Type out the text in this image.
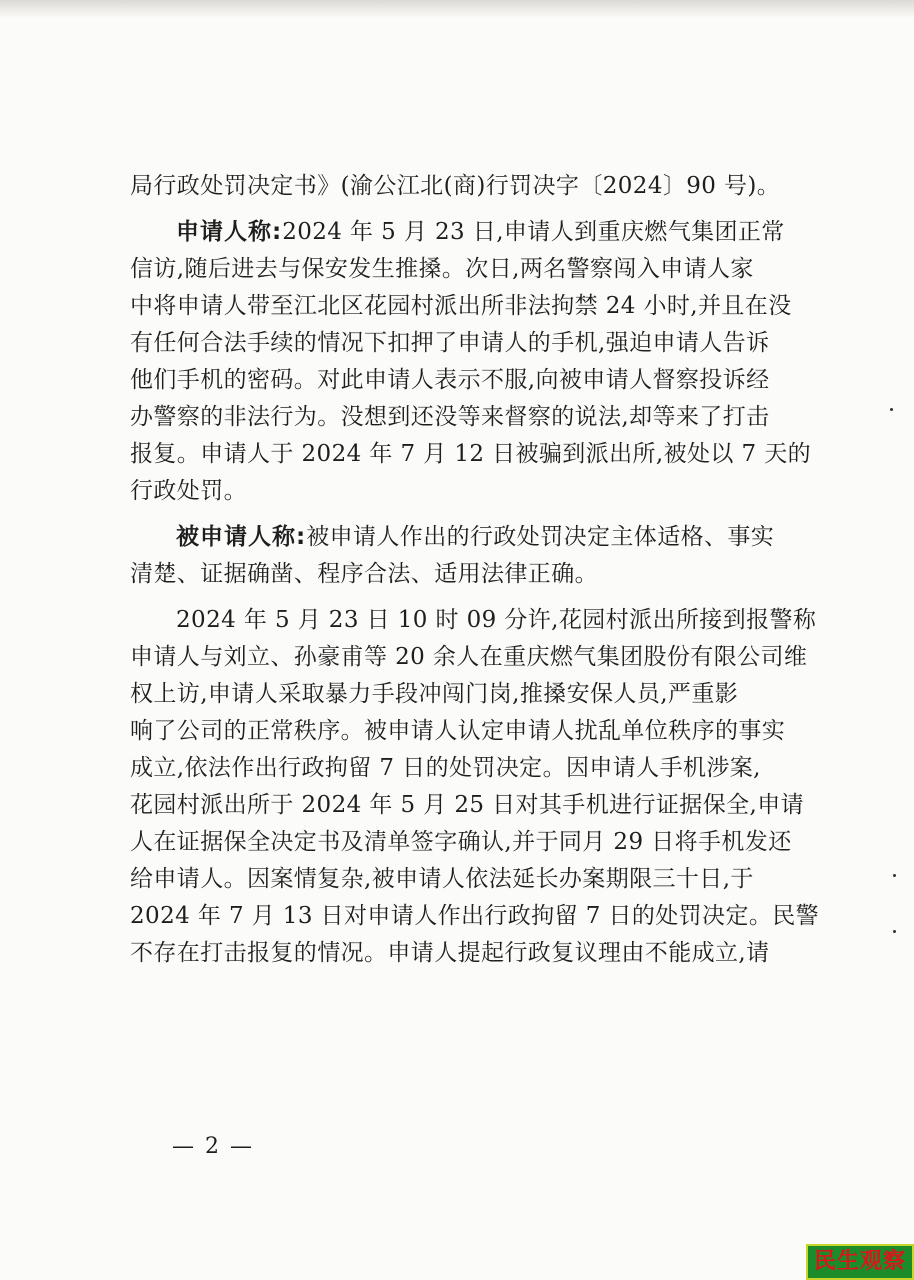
局行政处罚决定书》(渝公江北(商)行罚决字〔2024〕90 号)。
申请人称:2024 年 5 月 23 日,申请人到重庆燃气集团正常
信访,随后进去与保安发生推搡。次日,两名警察闯入申请人家
中将申请人带至江北区花园村派出所非法拘禁 24 小时,并且在没
有任何合法手续的情况下扣押了申请人的手机,强迫申请人告诉
他们手机的密码。对此申请人表示不服,向被申请人督察投诉经
办警察的非法行为。没想到还没等来督察的说法,却等来了打击
报复。申请人于 2024 年 7 月 12 日被骗到派出所,被处以 7 天的
行政处罚。
被申请人称:被申请人作出的行政处罚决定主体适格、事实
清楚、证据确凿、程序合法、适用法律正确。
2024 年 5 月 23 日 10 时 09 分许,花园村派出所接到报警称
申请人与刘立、孙豪甫等 20 余人在重庆燃气集团股份有限公司维
权上访,申请人采取暴力手段冲闯门岗,推搡安保人员,严重影
响了公司的正常秩序。被申请人认定申请人扰乱单位秩序的事实
成立,依法作出行政拘留 7 日的处罚决定。因申请人手机涉案,
花园村派出所于 2024 年 5 月 25 日对其手机进行证据保全,申请
人在证据保全决定书及清单签字确认,并于同月 29 日将手机发还
给申请人。因案情复杂,被申请人依法延长办案期限三十日,于
2024 年 7 月 13 日对申请人作出行政拘留 7 日的处罚决定。民警
不存在打击报复的情况。申请人提起行政复议理由不能成立,请
— 2 —
民生观察
